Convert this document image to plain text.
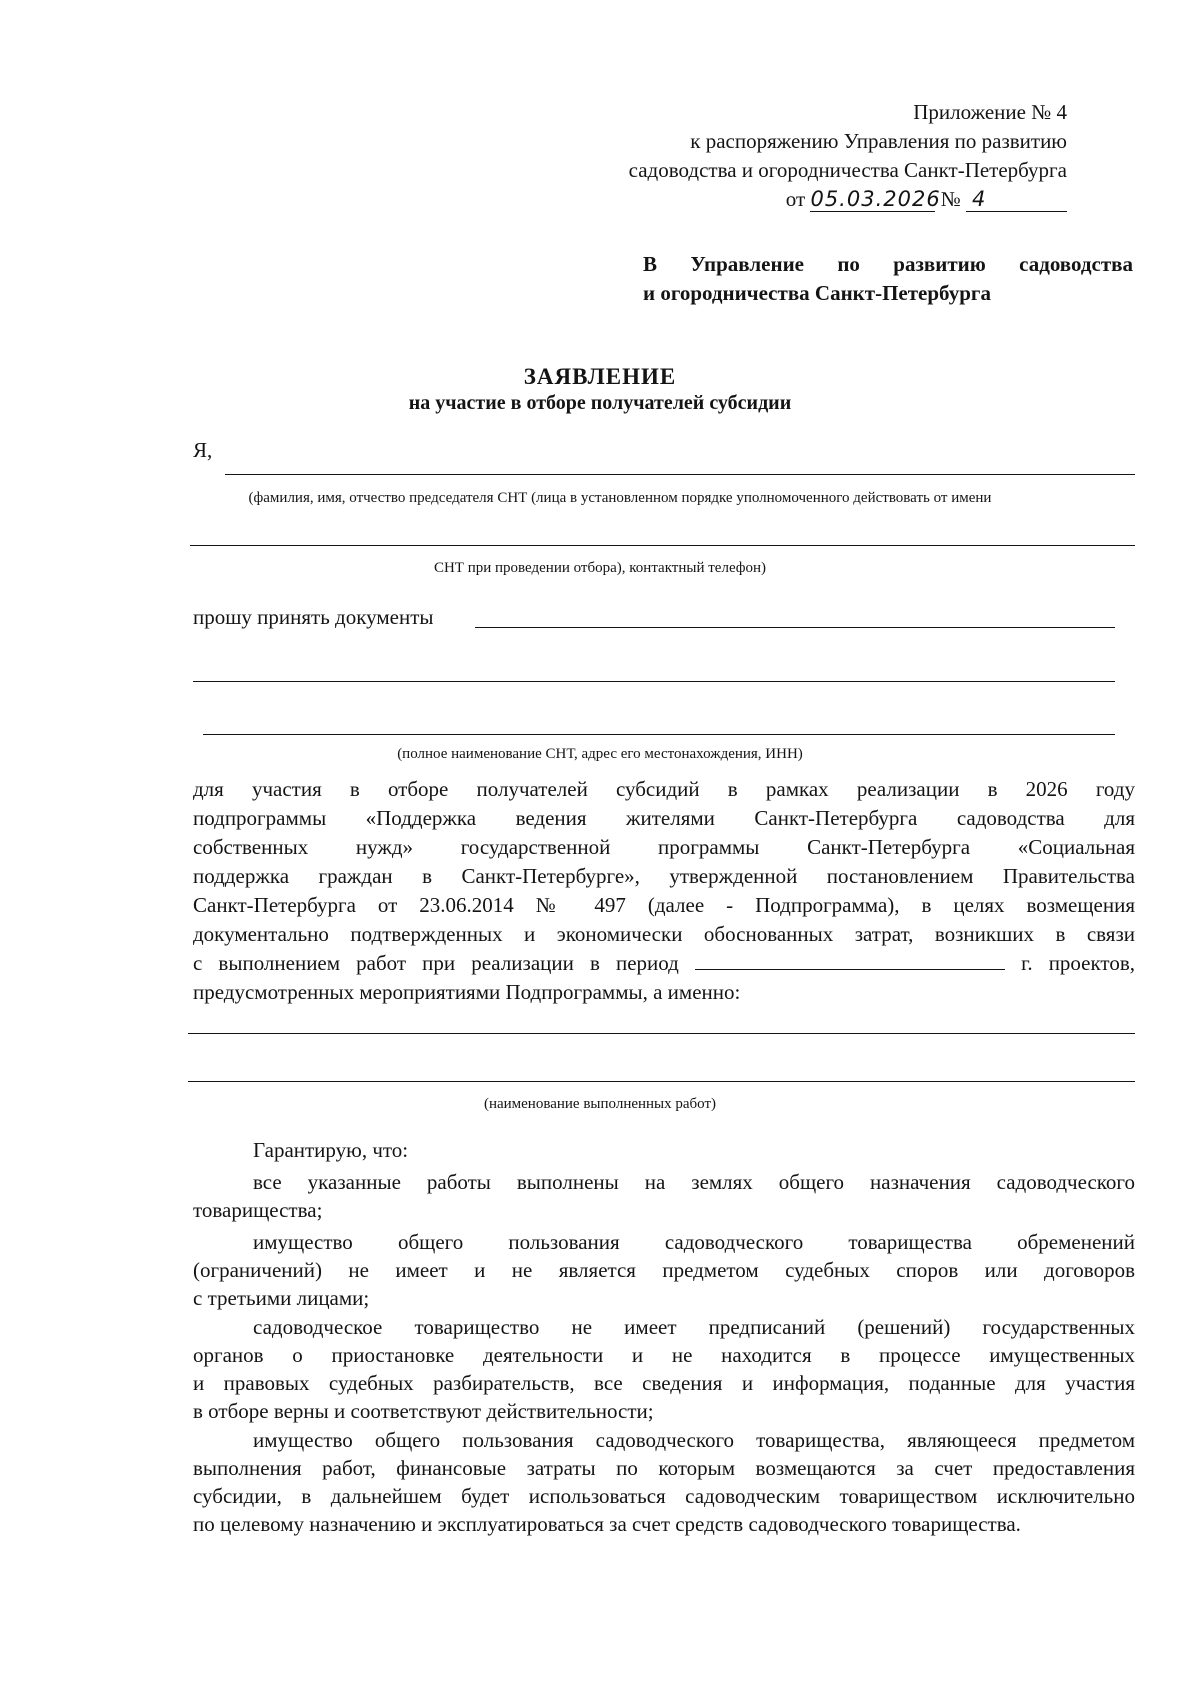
Приложение № 4
к распоряжению Управления по развитию
садоводства и огородничества Санкт-Петербурга
от 05.03.2026 № 4
В Управление по развитию садоводства
и огородничества Санкт-Петербурга
ЗАЯВЛЕНИЕ
на участие в отборе получателей субсидии
Я,
(фамилия, имя, отчество председателя СНТ (лица в установленном порядке уполномоченного действовать от имени
СНТ при проведении отбора), контактный телефон)
прошу принять документы
(полное наименование СНТ, адрес его местонахождения, ИНН)
для участия в отборе получателей субсидий в рамках реализации в 2026 году
подпрограммы «Поддержка ведения жителями Санкт-Петербурга садоводства для
собственных нужд» государственной программы Санкт-Петербурга «Социальная
поддержка граждан в Санкт-Петербурге», утвержденной постановлением Правительства
Санкт-Петербурга от 23.06.2014 № 497 (далее - Подпрограмма), в целях возмещения
документально подтвержденных и экономически обоснованных затрат, возникших в связи
с выполнением работ при реализации в период	г. проектов,
предусмотренных мероприятиями Подпрограммы, а именно:
(наименование выполненных работ)
Гарантирую, что:
все указанные работы выполнены на землях общего назначения садоводческого
товарищества;
имущество общего пользования садоводческого товарищества обременений
(ограничений) не имеет и не является предметом судебных споров или договоров
с третьими лицами;
садоводческое товарищество не имеет предписаний (решений) государственных
органов о приостановке деятельности и не находится в процессе имущественных
и правовых судебных разбирательств, все сведения и информация, поданные для участия
в отборе верны и соответствуют действительности;
имущество общего пользования садоводческого товарищества, являющееся предметом
выполнения работ, финансовые затраты по которым возмещаются за счет предоставления
субсидии, в дальнейшем будет использоваться садоводческим товариществом исключительно
по целевому назначению и эксплуатироваться за счет средств садоводческого товарищества.
